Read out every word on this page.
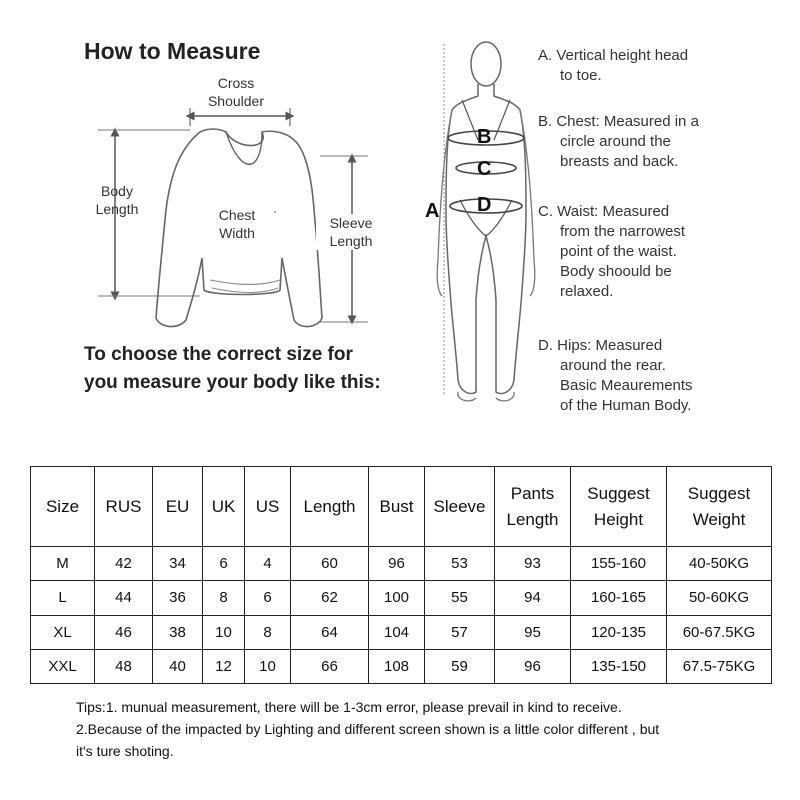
How to Measure
Cross
Shoulder
Body
Length	Chest
Width
Sleeve
Length
To choose the correct size for
you measure your body like this:
A
B
C
D
A. Vertical height head
to toe.
B. Chest: Measured in a
circle around the
breasts and back.
C. Waist: Measured
from the narrowest
point of the waist.
Body shoould be
relaxed.
D. Hips: Measured
around the rear.
Basic Meaurements
of the Human Body.
Size	RUS	EU	UK	US	Length	Bust	Sleeve	Pants Length	Suggest Height	Suggest Weight
M	42	34	6	4	60	96	53	93	155-160	40-50KG
L	44	36	8	6	62	100	55	94	160-165	50-60KG
XL	46	38	10	8	64	104	57	95	120-135	60-67.5KG
XXL	48	40	12	10	66	108	59	96	135-150	67.5-75KG
Tips:1. munual measurement, there will be 1-3cm error, please prevail in kind to receive.
2.Because of the impacted by Lighting and different screen shown is a little color different , but
it's ture shoting.
